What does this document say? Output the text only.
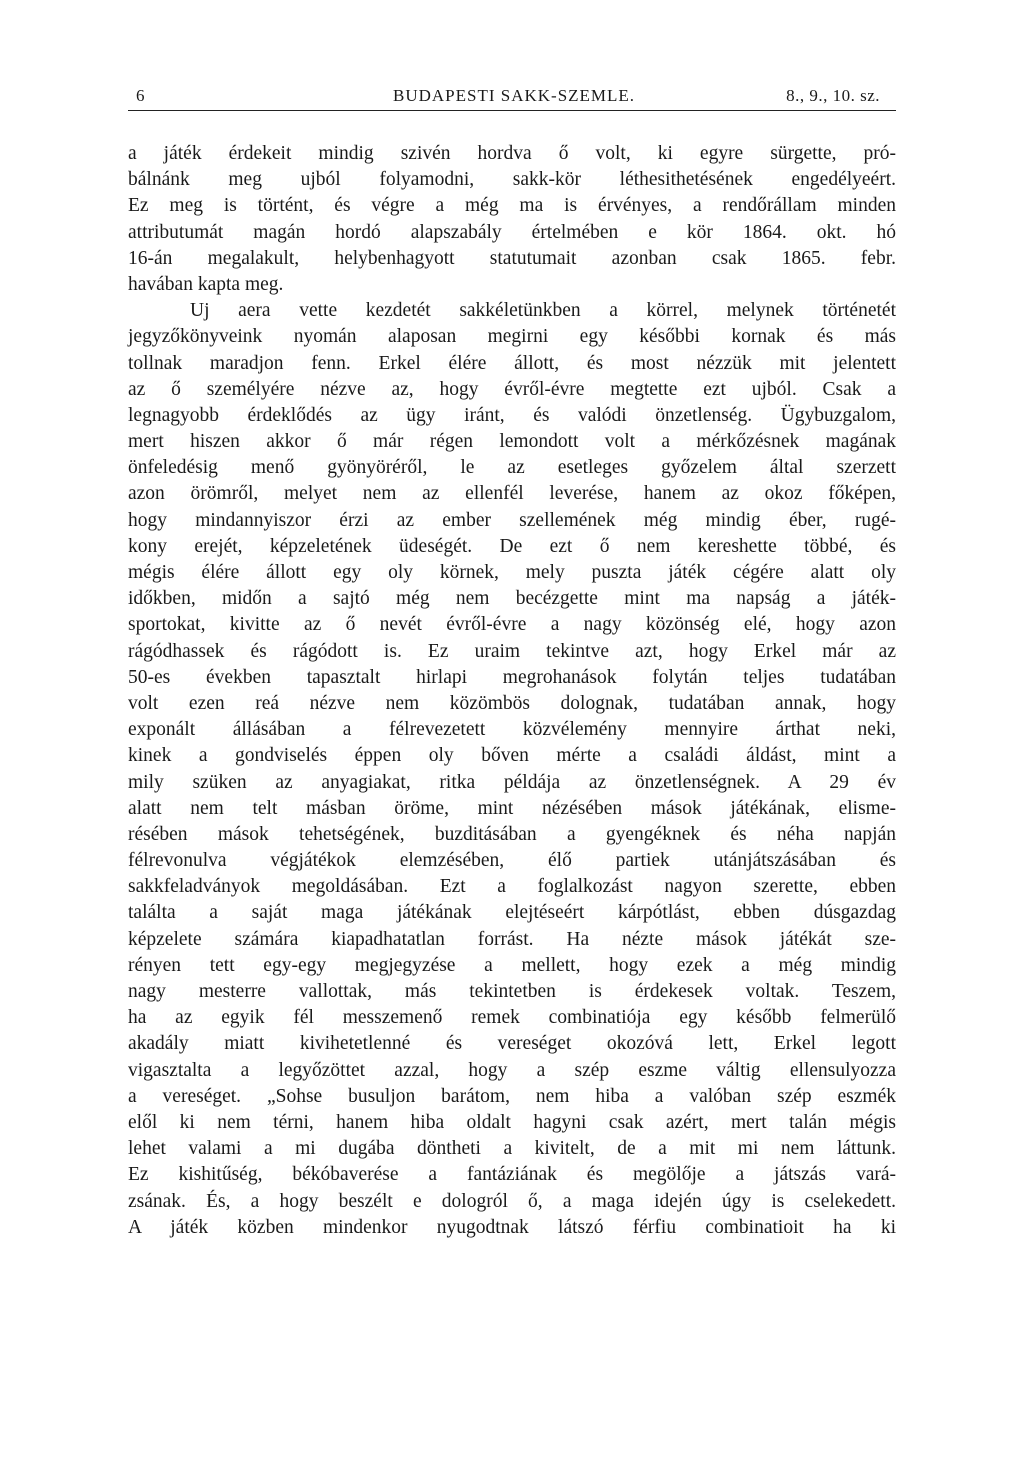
6	BUDAPESTI SAKK-SZEMLE.	8., 9., 10. sz.
a játék érdekeit mindig szivén hordva ő volt, ki egyre sürgette, pró-
bálnánk meg ujból folyamodni, sakk-kör léthesithetésének engedélyeért.
Ez meg is történt, és végre a még ma is érvényes, a rendőrállam minden
attributumát magán hordó alapszabály értelmében e kör 1864. okt. hó
16-án megalakult, helybenhagyott statutumait azonban csak 1865. febr.
havában kapta meg.
Uj aera vette kezdetét sakkéletünkben a körrel, melynek történetét
jegyzőkönyveink nyomán alaposan megirni egy későbbi kornak és más
tollnak maradjon fenn. Erkel élére állott, és most nézzük mit jelentett
az ő személyére nézve az, hogy évről-évre megtette ezt ujból. Csak a
legnagyobb érdeklődés az ügy iránt, és valódi önzetlenség. Ügybuzgalom,
mert hiszen akkor ő már régen lemondott volt a mérkőzésnek magának
önfeledésig menő gyönyöréről, le az esetleges győzelem által szerzett
azon örömről, melyet nem az ellenfél leverése, hanem az okoz főképen,
hogy mindannyiszor érzi az ember szellemének még mindig éber, rugé-
kony erejét, képzeletének üdeségét. De ezt ő nem kereshette többé, és
mégis élére állott egy oly körnek, mely puszta játék cégére alatt oly
időkben, midőn a sajtó még nem becézgette mint ma napság a játék-
sportokat, kivitte az ő nevét évről-évre a nagy közönség elé, hogy azon
rágódhassek és rágódott is. Ez uraim tekintve azt, hogy Erkel már az
50-es években tapasztalt hirlapi megrohanások folytán teljes tudatában
volt ezen reá nézve nem közömbös dolognak, tudatában annak, hogy
exponált állásában a félrevezetett közvélemény mennyire árthat neki,
kinek a gondviselés éppen oly bőven mérte a családi áldást, mint a
mily szüken az anyagiakat, ritka példája az önzetlenségnek. A 29 év
alatt nem telt másban öröme, mint nézésében mások játékának, elisme-
résében mások tehetségének, buzditásában a gyengéknek és néha napján
félrevonulva végjátékok elemzésében, élő partiek utánjátszásában és
sakkfeladványok megoldásában. Ezt a foglalkozást nagyon szerette, ebben
találta a saját maga játékának elejtéseért kárpótlást, ebben dúsgazdag
képzelete számára kiapadhatatlan forrást. Ha nézte mások játékát sze-
rényen tett egy-egy megjegyzése a mellett, hogy ezek a még mindig
nagy mesterre vallottak, más tekintetben is érdekesek voltak. Teszem,
ha az egyik fél messzemenő remek combinatiója egy később felmerülő
akadály miatt kivihetetlenné és vereséget okozóvá lett, Erkel legott
vigasztalta a legyőzöttet azzal, hogy a szép eszme váltig ellensulyozza
a vereséget. „Sohse busuljon barátom, nem hiba a valóban szép eszmék
elől ki nem térni, hanem hiba oldalt hagyni csak azért, mert talán mégis
lehet valami a mi dugába döntheti a kivitelt, de a mit mi nem láttunk.
Ez kishitűség, békóbaverése a fantáziának és megölője a játszás vará-
zsának. És, a hogy beszélt e dologról ő, a maga idején úgy is cselekedett.
A játék közben mindenkor nyugodtnak látszó férfiu combinatioit ha ki
